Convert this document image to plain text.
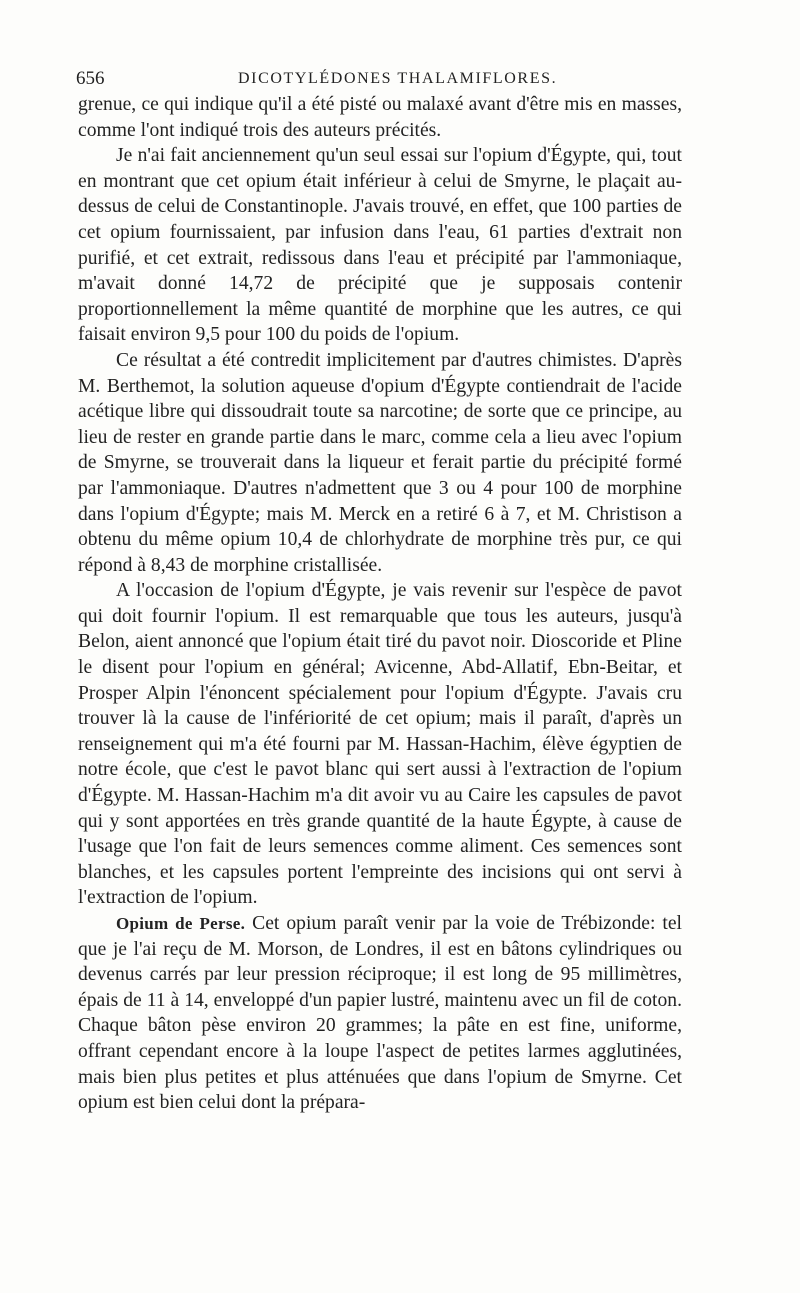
656	DICOTYLÉDONES THALAMIFLORES.

grenue, ce qui indique qu'il a été pisté ou malaxé avant d'être mis en masses, comme l'ont indiqué trois des auteurs précités.

Je n'ai fait anciennement qu'un seul essai sur l'opium d'Égypte, qui, tout en montrant que cet opium était inférieur à celui de Smyrne, le plaçait au-dessus de celui de Constantinople. J'avais trouvé, en effet, que 100 parties de cet opium fournissaient, par infusion dans l'eau, 61 parties d'extrait non purifié, et cet extrait, redissous dans l'eau et précipité par l'ammoniaque, m'avait donné 14,72 de précipité que je supposais contenir proportionnellement la même quantité de morphine que les autres, ce qui faisait environ 9,5 pour 100 du poids de l'opium.

Ce résultat a été contredit implicitement par d'autres chimistes. D'après M. Berthemot, la solution aqueuse d'opium d'Égypte contiendrait de l'acide acétique libre qui dissoudrait toute sa narcotine; de sorte que ce principe, au lieu de rester en grande partie dans le marc, comme cela a lieu avec l'opium de Smyrne, se trouverait dans la liqueur et ferait partie du précipité formé par l'ammoniaque. D'autres n'admettent que 3 ou 4 pour 100 de morphine dans l'opium d'Égypte; mais M. Merck en a retiré 6 à 7, et M. Christison a obtenu du même opium 10,4 de chlorhydrate de morphine très pur, ce qui répond à 8,43 de morphine cristallisée.

A l'occasion de l'opium d'Égypte, je vais revenir sur l'espèce de pavot qui doit fournir l'opium. Il est remarquable que tous les auteurs, jusqu'à Belon, aient annoncé que l'opium était tiré du pavot noir. Dioscoride et Pline le disent pour l'opium en général; Avicenne, Abd-Allatif, Ebn-Beitar, et Prosper Alpin l'énoncent spécialement pour l'opium d'Égypte. J'avais cru trouver là la cause de l'infériorité de cet opium; mais il paraît, d'après un renseignement qui m'a été fourni par M. Hassan-Hachim, élève égyptien de notre école, que c'est le pavot blanc qui sert aussi à l'extraction de l'opium d'Égypte. M. Hassan-Hachim m'a dit avoir vu au Caire les capsules de pavot qui y sont apportées en très grande quantité de la haute Égypte, à cause de l'usage que l'on fait de leurs semences comme aliment. Ces semences sont blanches, et les capsules portent l'empreinte des incisions qui ont servi à l'extraction de l'opium.

Opium de Perse. Cet opium paraît venir par la voie de Trébizonde: tel que je l'ai reçu de M. Morson, de Londres, il est en bâtons cylindriques ou devenus carrés par leur pression réciproque; il est long de 95 millimètres, épais de 11 à 14, enveloppé d'un papier lustré, maintenu avec un fil de coton. Chaque bâton pèse environ 20 grammes; la pâte en est fine, uniforme, offrant cependant encore à la loupe l'aspect de petites larmes agglutinées, mais bien plus petites et plus atténuées que dans l'opium de Smyrne. Cet opium est bien celui dont la prépara-
